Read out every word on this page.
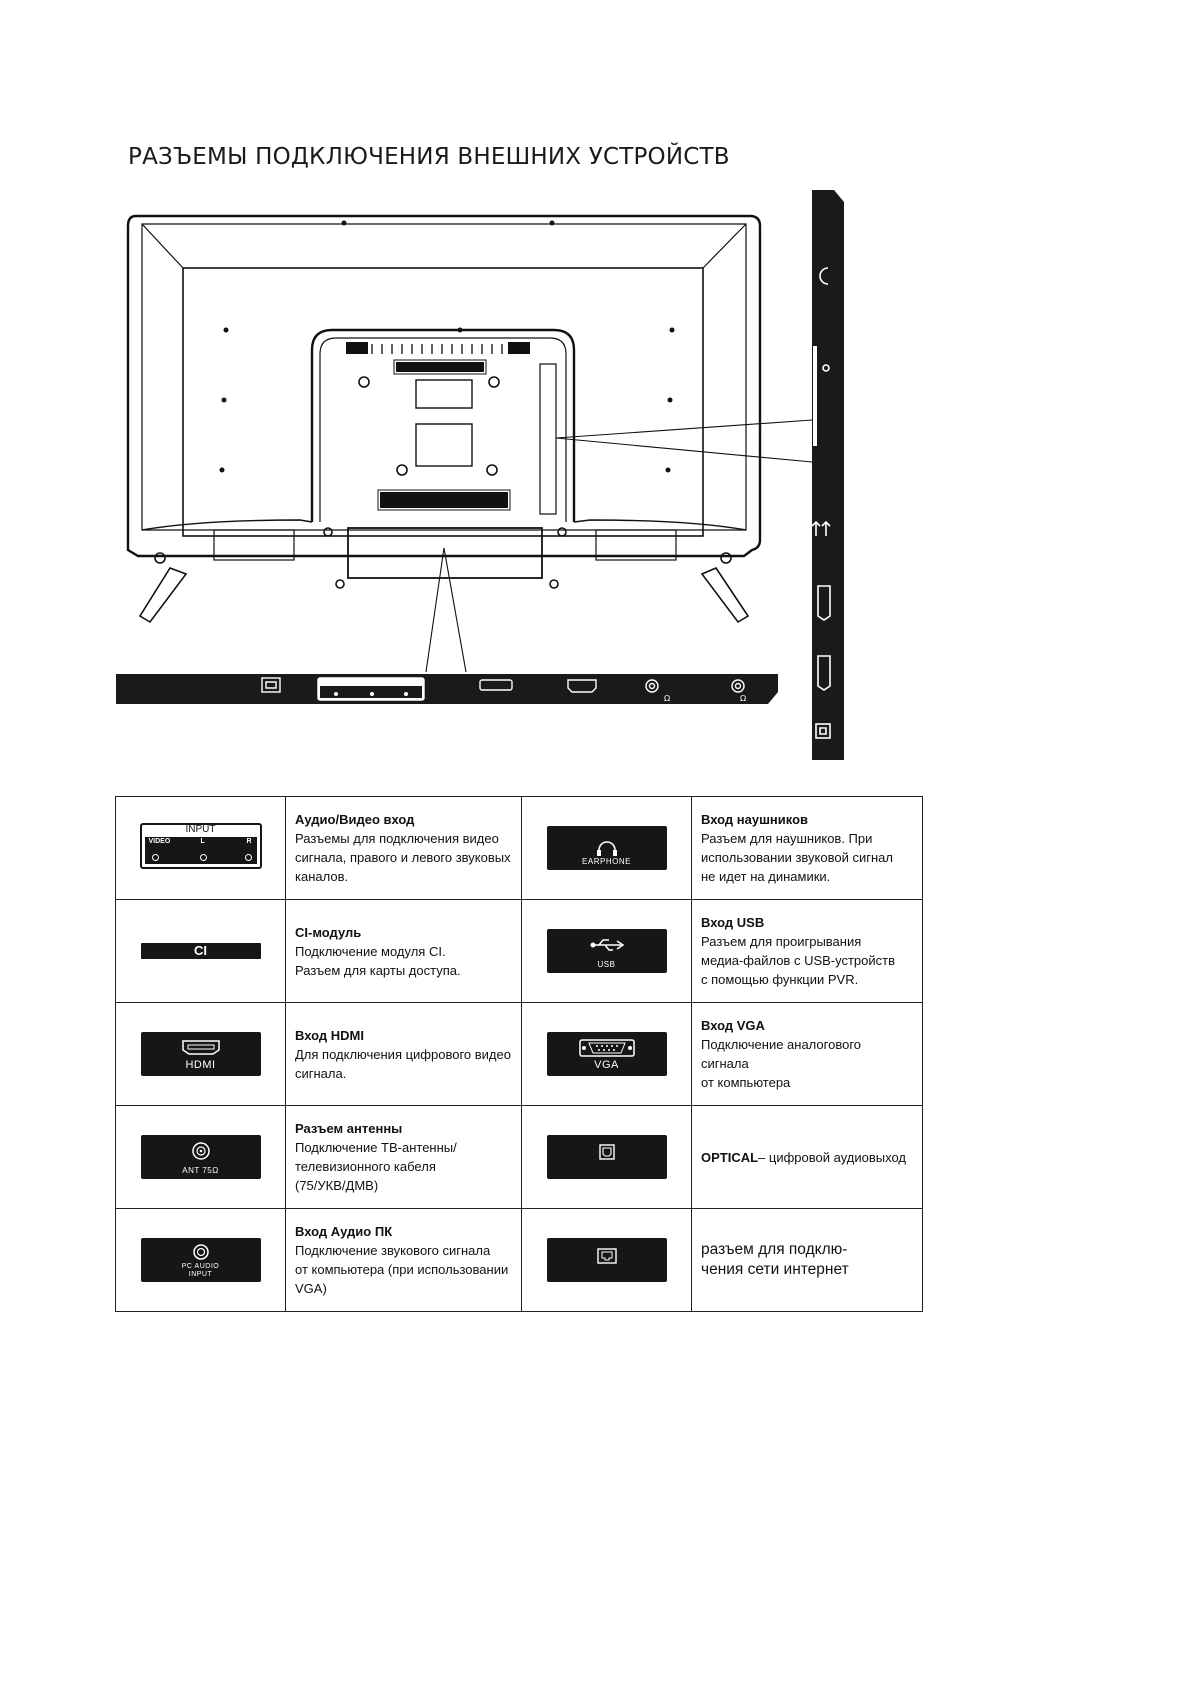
РАЗЪЕМЫ ПОДКЛЮЧЕНИЯ ВНЕШНИХ УСТРОЙСТВ
Ω	Ω
INPUT
VIDEO L R	Аудио/Видео вход
Разъемы для подключения видео
сигнала, правого и левого звуковых
каналов.	EARPHONE	Вход наушников
Разъем для наушников. При
использовании звуковой сигнал
не идет на динамики.

CI	CI-модуль
Подключение модуля CI.
Разъем для карты доступа.	USB	Вход USB
Разъем для проигрывания
медиа-файлов с USB-устройств
с помощью функции PVR.

HDMI	Вход HDMI
Для подключения цифрового видео
сигнала.	VGA	Вход VGA
Подключение аналогового сигнала
от компьютера

ANT 75Ω	Разъем антенны
Подключение ТВ-антенны/
телевизионного кабеля
(75/УКВ/ДМВ)		OPTICAL– цифровой аудиовыход

PC AUDIO
INPUT	Вход Аудио ПК
Подключение звукового сигнала
от компьютера (при использовании
VGA)		разъем для подклю-
чения сети интернет
